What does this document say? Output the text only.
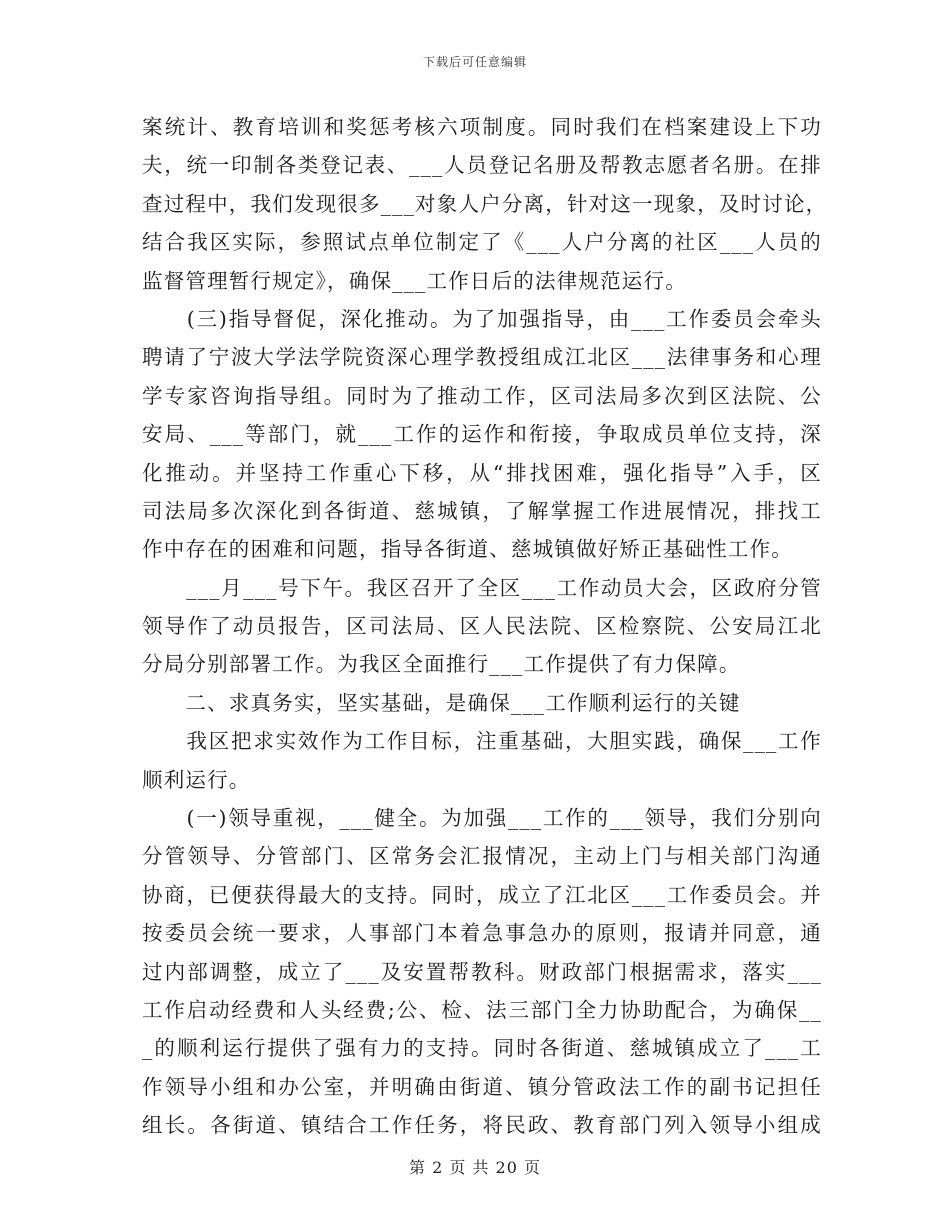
下载后可任意编辑
案统计、教育培训和奖惩考核六项制度。同时我们在档案建设上下功
夫，统一印制各类登记表、___人员登记名册及帮教志愿者名册。在排
查过程中，我们发现很多___对象人户分离，针对这一现象，及时讨论，
结合我区实际，参照试点单位制定了《___人户分离的社区___人员的
监督管理暂行规定》，确保___工作日后的法律规范运行。
　　(三)指导督促，深化推动。为了加强指导，由___工作委员会牵头
聘请了宁波大学法学院资深心理学教授组成江北区___法律事务和心理
学专家咨询指导组。同时为了推动工作，区司法局多次到区法院、公
安局、___等部门，就___工作的运作和衔接，争取成员单位支持，深
化推动。并坚持工作重心下移，从“排找困难，强化指导”入手，区
司法局多次深化到各街道、慈城镇，了解掌握工作进展情况，排找工
作中存在的困难和问题，指导各街道、慈城镇做好矫正基础性工作。
　　___月___号下午。我区召开了全区___工作动员大会，区政府分管
领导作了动员报告，区司法局、区人民法院、区检察院、公安局江北
分局分别部署工作。为我区全面推行___工作提供了有力保障。
　　二、求真务实，坚实基础，是确保___工作顺利运行的关键
　　我区把求实效作为工作目标，注重基础，大胆实践，确保___工作
顺利运行。
　　(一)领导重视，___健全。为加强___工作的___领导，我们分别向
分管领导、分管部门、区常务会汇报情况，主动上门与相关部门沟通
协商，已便获得最大的支持。同时，成立了江北区___工作委员会。并
按委员会统一要求，人事部门本着急事急办的原则，报请并同意，通
过内部调整，成立了___及安置帮教科。财政部门根据需求，落实___
工作启动经费和人头经费;公、检、法三部门全力协助配合，为确保__
_的顺利运行提供了强有力的支持。同时各街道、慈城镇成立了___工
作领导小组和办公室，并明确由街道、镇分管政法工作的副书记担任
组长。各街道、镇结合工作任务，将民政、教育部门列入领导小组成
第 2 页 共 20 页
